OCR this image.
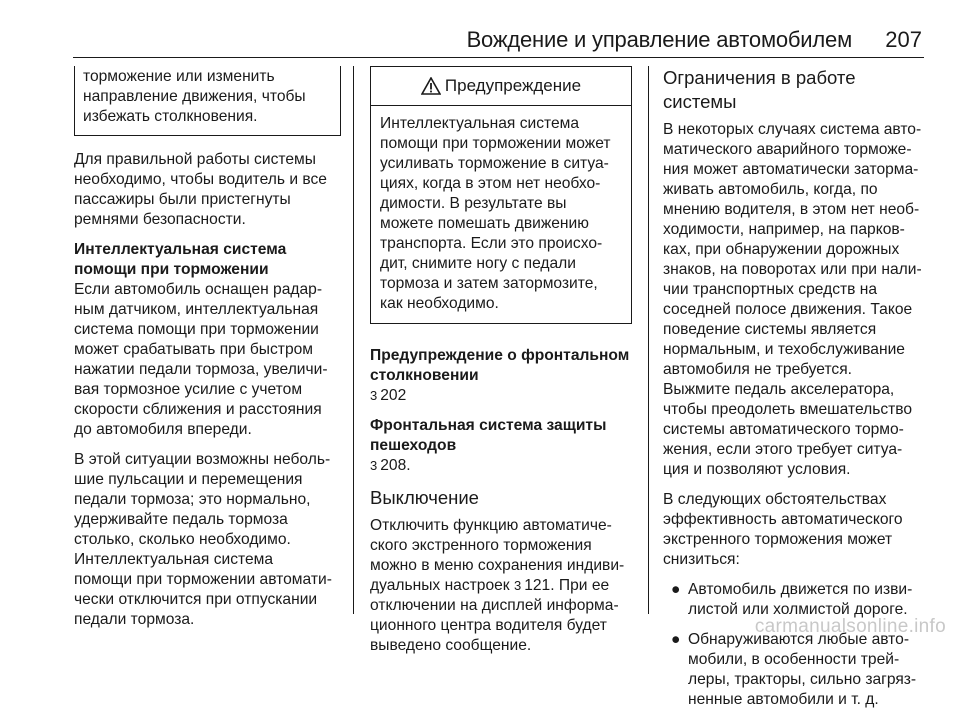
Вождение и управление автомобилем 207
торможение или изменить
направление движения, чтобы
избежать столкновения.

Для правильной работы системы
необходимо, чтобы водитель и все
пассажиры были пристегнуты
ремнями безопасности.

Интеллектуальная система
помощи при торможении

Если автомобиль оснащен радар-
ным датчиком, интеллектуальная
система помощи при торможении
может срабатывать при быстром
нажатии педали тормоза, увеличи-
вая тормозное усилие с учетом
скорости сближения и расстояния
до автомобиля впереди.

В этой ситуации возможны неболь-
шие пульсации и перемещения
педали тормоза; это нормально,
удерживайте педаль тормоза
столько, сколько необходимо.
Интеллектуальная система
помощи при торможении автомати-
чески отключится при отпускании
педали тормоза.

Предупреждение
Интеллектуальная система
помощи при торможении может
усиливать торможение в ситуа-
циях, когда в этом нет необхо-
димости. В результате вы
можете помешать движению
транспорта. Если это происхо-
дит, снимите ногу с педали
тормоза и затем затормозите,
как необходимо.
Предупреждение о фронтальном
столкновении

3 202

Фронтальная система защиты
пешеходов

3 208.

Выключение

Отключить функцию автоматиче-
ского экстренного торможения
можно в меню сохранения индиви-
дуальных настроек 3 121. При ее
отключении на дисплей информа-
ционного центра водителя будет
выведено сообщение.

Ограничения в работе системы

В некоторых случаях система авто-
матического аварийного торможе-
ния может автоматически заторма-
живать автомобиль, когда, по
мнению водителя, в этом нет необ-
ходимости, например, на парков-
ках, при обнаружении дорожных
знаков, на поворотах или при нали-
чии транспортных средств на
соседней полосе движения. Такое
поведение системы является
нормальным, и техобслуживание
автомобиля не требуется.
Выжмите педаль акселератора,
чтобы преодолеть вмешательство
системы автоматического тормо-
жения, если этого требует ситуа-
ция и позволяют условия.

В следующих обстоятельствах
эффективность автоматического
экстренного торможения может
снизиться:

● Автомобиль движется по изви-
листой или холмистой дороге.
● Обнаруживаются любые авто-
мобили, в особенности трей-
леры, тракторы, сильно загряз-
ненные автомобили и т. д.
carmanualsonline.info
